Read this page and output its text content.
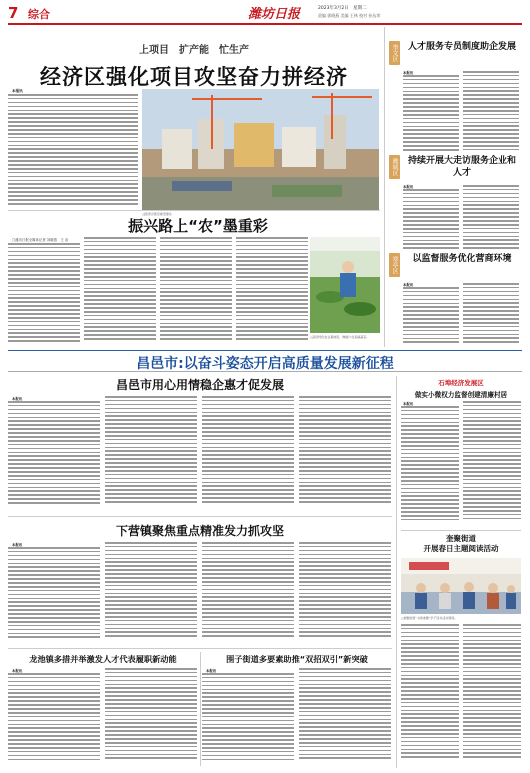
7 综合	潍坊日报	2023年3月2日　星期二
责编 郭晓燕 美编 王林 校对 孙丛荣
上项目　扩产能　忙生产
经济区强化项目攻坚奋力拼经济
本报讯
△经济区项目建设现场。
奎文区	人才服务专员制度助企发展
本报讯
潍城区	持续开展大走访服务企业和人才
本报讯
寒亭区	以监督服务优化营商环境
本报讯
振兴路上“农”墨重彩
□潍坊日报全媒体记者 刘晓燕　王 治
△昌邑特色农业基地里，种植户在采摘蔬菜。
昌邑市:以奋斗姿态开启高质量发展新征程
昌邑市用心用情稳企惠才促发展
本报讯
下营镇聚焦重点精准发力抓攻坚
本报讯
龙池镇多措并举激发人才代表履职新动能
本报讯
围子街道多要素助推“双招双引”新突破
本报讯
石埠经济发展区
做实小微权力监督创建清廉村居
本报讯
奎聚街道
开展春日主题阅读活动
△奎聚街道“书香奎聚”学子读书活动现场。
